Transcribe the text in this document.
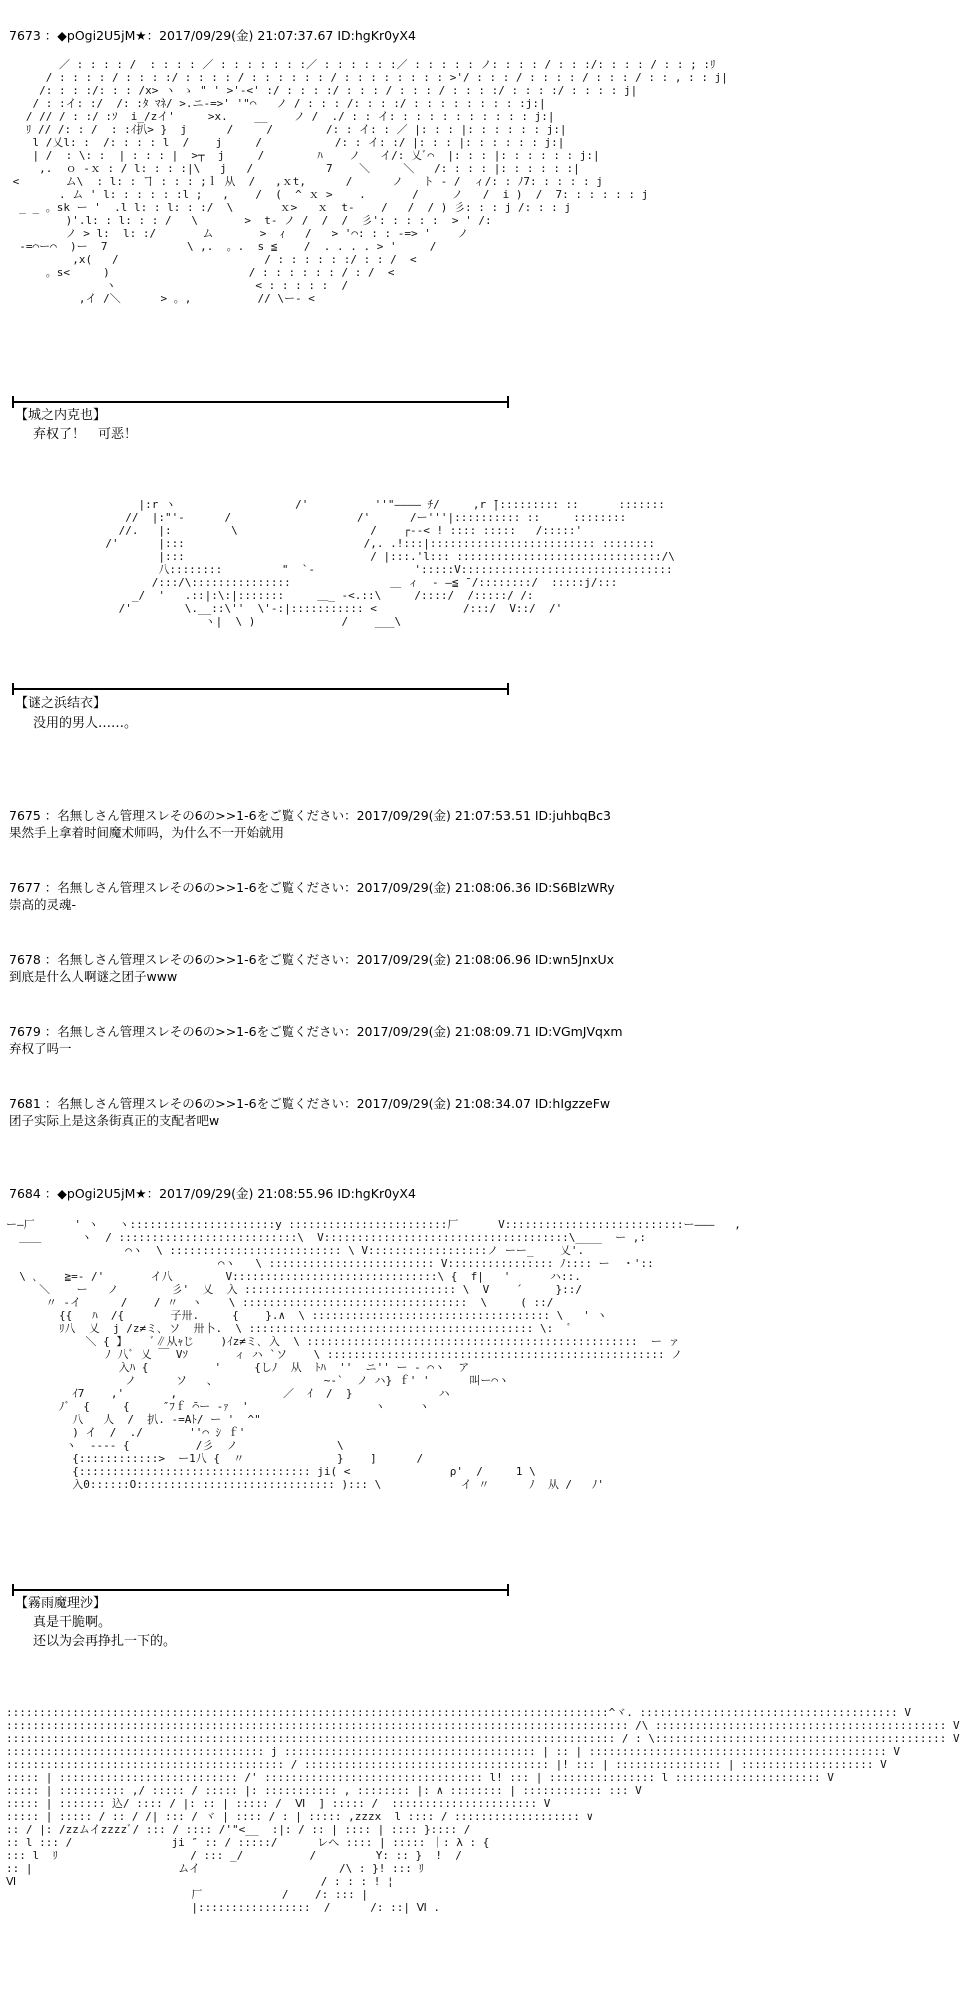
7673 ：◆pOgi2U5jM★：2017/09/29(金) 21:07:37.67 ID:hgKr0yX4
／ : : : : /  : : : : ／ : : : : : : :／ : : : : : :／ : : : : : ノ: : : : / : : :/: : : : / : : ; :ﾘ
/ : : : : / : : : :/ : : : : / : : : : : : / : : : : : : : : >'/ : : : / : : : : / : : : / : : , : : j|
/: : : :/: : : /x> ヽ ゝ " ' >'-<' :/ : : : :/ : : : / : : : / : : : :/ : : : :/ : : : : j|
/ : :イ: :/  /: :ﾀ ﾏﾈ/ >.ニ-=>' '"⌒   ノ / : : : /: : : :/ : : : : : : : : :j:|
/ // / : :/ :ｿ  i_/zイ'     >x.    __    ノ /  ./ : : イ: : : : : : : : : : : j:|
ﾘ // /: : /  : :ｲ扒> }  j      /     /        /: : イ: : ／ |: : : |: : : : : : j:|
l /乂l: :  /: : : : l  /    j     /           /: : イ: :/ |: : : |: : : : : : j:|
| /  : \: :  | : : : |  >┬  j     /        ﾊ    ノ   イ/: 乂ﾞ⌒  |: : : |: : : : : : j:|
,.  ｏ -ｘ : / l: : : :|\   j   /           7    ＼     ＼   /: : : : |: : : : : :|
<       ム\  : l: : ヿ : : : ;ｌ 从  /   ,ｘt,      /      ノ   ト - /  ィ/: : ﾉ7: : : : : j
. ム ' l: : : : : :l ;   ,    /  (  ^ ｘ >    .       /     ノ   /  i )  /  7: : : : : : j
_ _ 。sk ー '  .l l: : l: : :/  \       ｘ>   ｘ  t-    /   /  / ) 彡: : : j /: : : j
)'.l: : l: : : /   \       >  t- ノ /  /  /  彡': : : : :  > ' /:
ノ > l:  l: :/       ム       >  ｨ   /   > '⌒: : : -=> '    ノ
-=⌒ー⌒  )ー  7            \ ,.  。.  s ≦    /  . . . . > '     /
,x(   /                      / : : : : : :/ : : /  <
。s<     )                     / : : : : : : / : /  <
ヽ                     < : : : : :  /
,イ /＼      > 。,          // \ー- <
【城之内克也】
弃权了！　可恶！
|:r ヽ                  /'          ''"―――― ﾁ/     ,r ̄|::::::::: ::      :::::::
//  |:"'-      /                   /'      /ー'''|:::::::::: ::     ::::::::
//.   |:         \                    /    ┌--< ! :::: :::::   /:::::'
/'      |:::                           /,. .!:::|::::::::::::::::::::::::: ::::::::
|:::                            / |:::.'l::: :::::::::::::::::::::::::::::::/\
八::::::::         "  `-               ':::::V::::::::::::::::::::::::::::::::
/:::/\:::::::::::::::               ＿ ィ  ‐ ―≦ ̄ /::::::::/  :::::j/:::
_/  '   .::|:\:|:::::::     ＿_ -<.::\     /::::/  /:::::/ /:
/'        \.__::\''  \'-:|::::::::::: <             /:::/  V::/  /'
ヽ|  \ )             /    ___\
【谜之浜结衣】
没用的男人……。
7675 ：名無しさん管理スレその6の>>1-6をご覧ください：2017/09/29(金) 21:07:53.51 ID:juhbqBc3
果然手上拿着时间魔术师吗，为什么不一开始就用
7677 ：名無しさん管理スレその6の>>1-6をご覧ください：2017/09/29(金) 21:08:06.36 ID:S6BlzWRy
崇高的灵魂-
7678 ：名無しさん管理スレその6の>>1-6をご覧ください：2017/09/29(金) 21:08:06.96 ID:wn5JnxUx
到底是什么人啊谜之团子www
7679 ：名無しさん管理スレその6の>>1-6をご覧ください：2017/09/29(金) 21:08:09.71 ID:VGmJVqxm
弃权了吗一
7681 ：名無しさん管理スレその6の>>1-6をご覧ください：2017/09/29(金) 21:08:34.07 ID:hIgzzeFw
团子实际上是这条街真正的支配者吧w
7684 ：◆pOgi2U5jM★：2017/09/29(金) 21:08:55.96 ID:hgKr0yX4
ー―厂      ' ヽ   ヽ::::::::::::::::::::::y ::::::::::::::::::::::::厂      V:::::::::::::::::::::::::::ー―――   ,
＿＿      ヽ  / :::::::::::::::::::::::::::\  V:::::::::::::::::::::::::::::::::::::\____  ー ,:
⌒ヽ  \ :::::::::::::::::::::::::: \ V::::::::::::::::::ノ ーー_    乂'.
⌒ヽ   \ ::::::::::::::::::::::::: V:::::::::::::::: ﾉ:::: ー  ・'::
\ ､    ≧=- /'       イ八        V:::::::::::::::::::::::::::::::\ {  f|   '      ハ::.
＼    ー   ノ        彡'  乂  入 :::::::::::::::::::::::::::::::: \  V    ´     }::/
〃 -イ      /    / 〃  ヽ    \ ::::::::::::::::::::::::::::::::::  \     ( ::/
{{   ﾊ  /{       子卅.     {    }.∧  \ :::::::::::::::::::::::::::::::::::: \   ' ヽ
ﾘ八  乂  j /z≠ミ､ ソ  卅卜.  \ ::::::::::::::::::::::::::::::::::::::::::: \:  ﾞ
＼ { 】    ﾞ∥从ｬじ    )ｲz≠ミ､ 入  \ ::::::::::::::::::::::::::::::::::::::::::::::::::  ー ァ
ﾉ 八ﾞ 乂 ￣ Vｿ       ィ ハ `ソ    \ ::::::::::::::::::::::::::::::::::::::::::::::::::: ノ
入ﾊ {          '     {しﾉ  从  ﾄﾊ  ''  ニ'' ー - ⌒ヽ  ア
ノ      ソ   、                ~-`  ノ ハ} ｆ' '      叫ー⌒ヽ
ｲ7    ,'       ,                ／  ｲ  /  }             ハ
ﾉﾞ  {     {     ″ﾌｆ ̄⌒ー -ｧ  '                   ヽ     ヽ
八   人  /  扒. -=Aﾄ/ ー '  ^"
) イ  /  ./       ''⌒ ｼ ｆ'
ヽ  ---- {          /彡  ノ               \
{::::::::::::>  ー1八 {  〃              }    ]      /
{::::::::::::::::::::::::::::::::::: ji( <               ρ'  /     1 \
入0::::::O:::::::::::::::::::::::::::::: )::: \            イ 〃      ﾉ  从 /   ﾉ'
【霧雨魔理沙】
真是干脆啊。
还以为会再挣扎一下的。
:::::::::::::::::::::::::::::::::::::::::::::::::::::::::::::::::::::::::::::::::::::::::::^ヾ. ::::::::::::::::::::::::::::::::::::::: V
:::::::::::::::::::::::::::::::::::::::::::::::::::::::::::::::::::::::::::::::::::::::::::::: /\ :::::::::::::::::::::::::::::::::::::::::::: V
:::::::::::::::::::::::::::::::::::::::::::::::::::::::::::::::::::::::::::::::::::::::::::: / : \:::::::::::::::::::::::::::::::::::::::::::: V
::::::::::::::::::::::::::::::::::::::: j :::::::::::::::::::::::::::::::::::::: | :: | ::::::::::::::::::::::::::::::::::::::::::::: V
:::::::::::::::::::::::::::::::::::::::::: / ::::::::::::::::::::::::::::::::::::: |! ::: | :::::::::::::::: | :::::::::::::::::::: V
::::: | ::::::::::::::::::::::::::: /' ::::::::::::::::::::::::::::::::: l! ::: | :::::::::::::::: l :::::::::::::::::::::: V
::::: | :::::::::: ,/ ::::: / ::::: |: ::::::::::: , :::::::: |: ∧ :::::::: | :::::::::::: ::: V
::::: | ::::::: 込/ :::: / |: :: | ::::: /  Ⅵ  ] ::::: /  :::::::::::::::::::::: V
::::: | ::::: / :: / /| ::: / ヾ | :::: / : | ::::: ,zzzx  l :::: / ::::::::::::::::::: ∨
:: / |: /zzムイzzzzﾞ/ ::: / :::: /'"<__  :|: / :: | :::: | :::: }:::: /
:: l ::: /               ji ″ :: / :::::/      レへ :::: | ::::: ｜: λ : {
::: l  ﾘ                    / ::: _/          /         Y: :: }  !  /
:: |                      ムイ                     /\ : }! ::: ﾘ
Ⅵ                                              / : : : ! ¦
厂            /    /: ::: |
|:::::::::::::::::  /      /: ::| Ⅵ .
